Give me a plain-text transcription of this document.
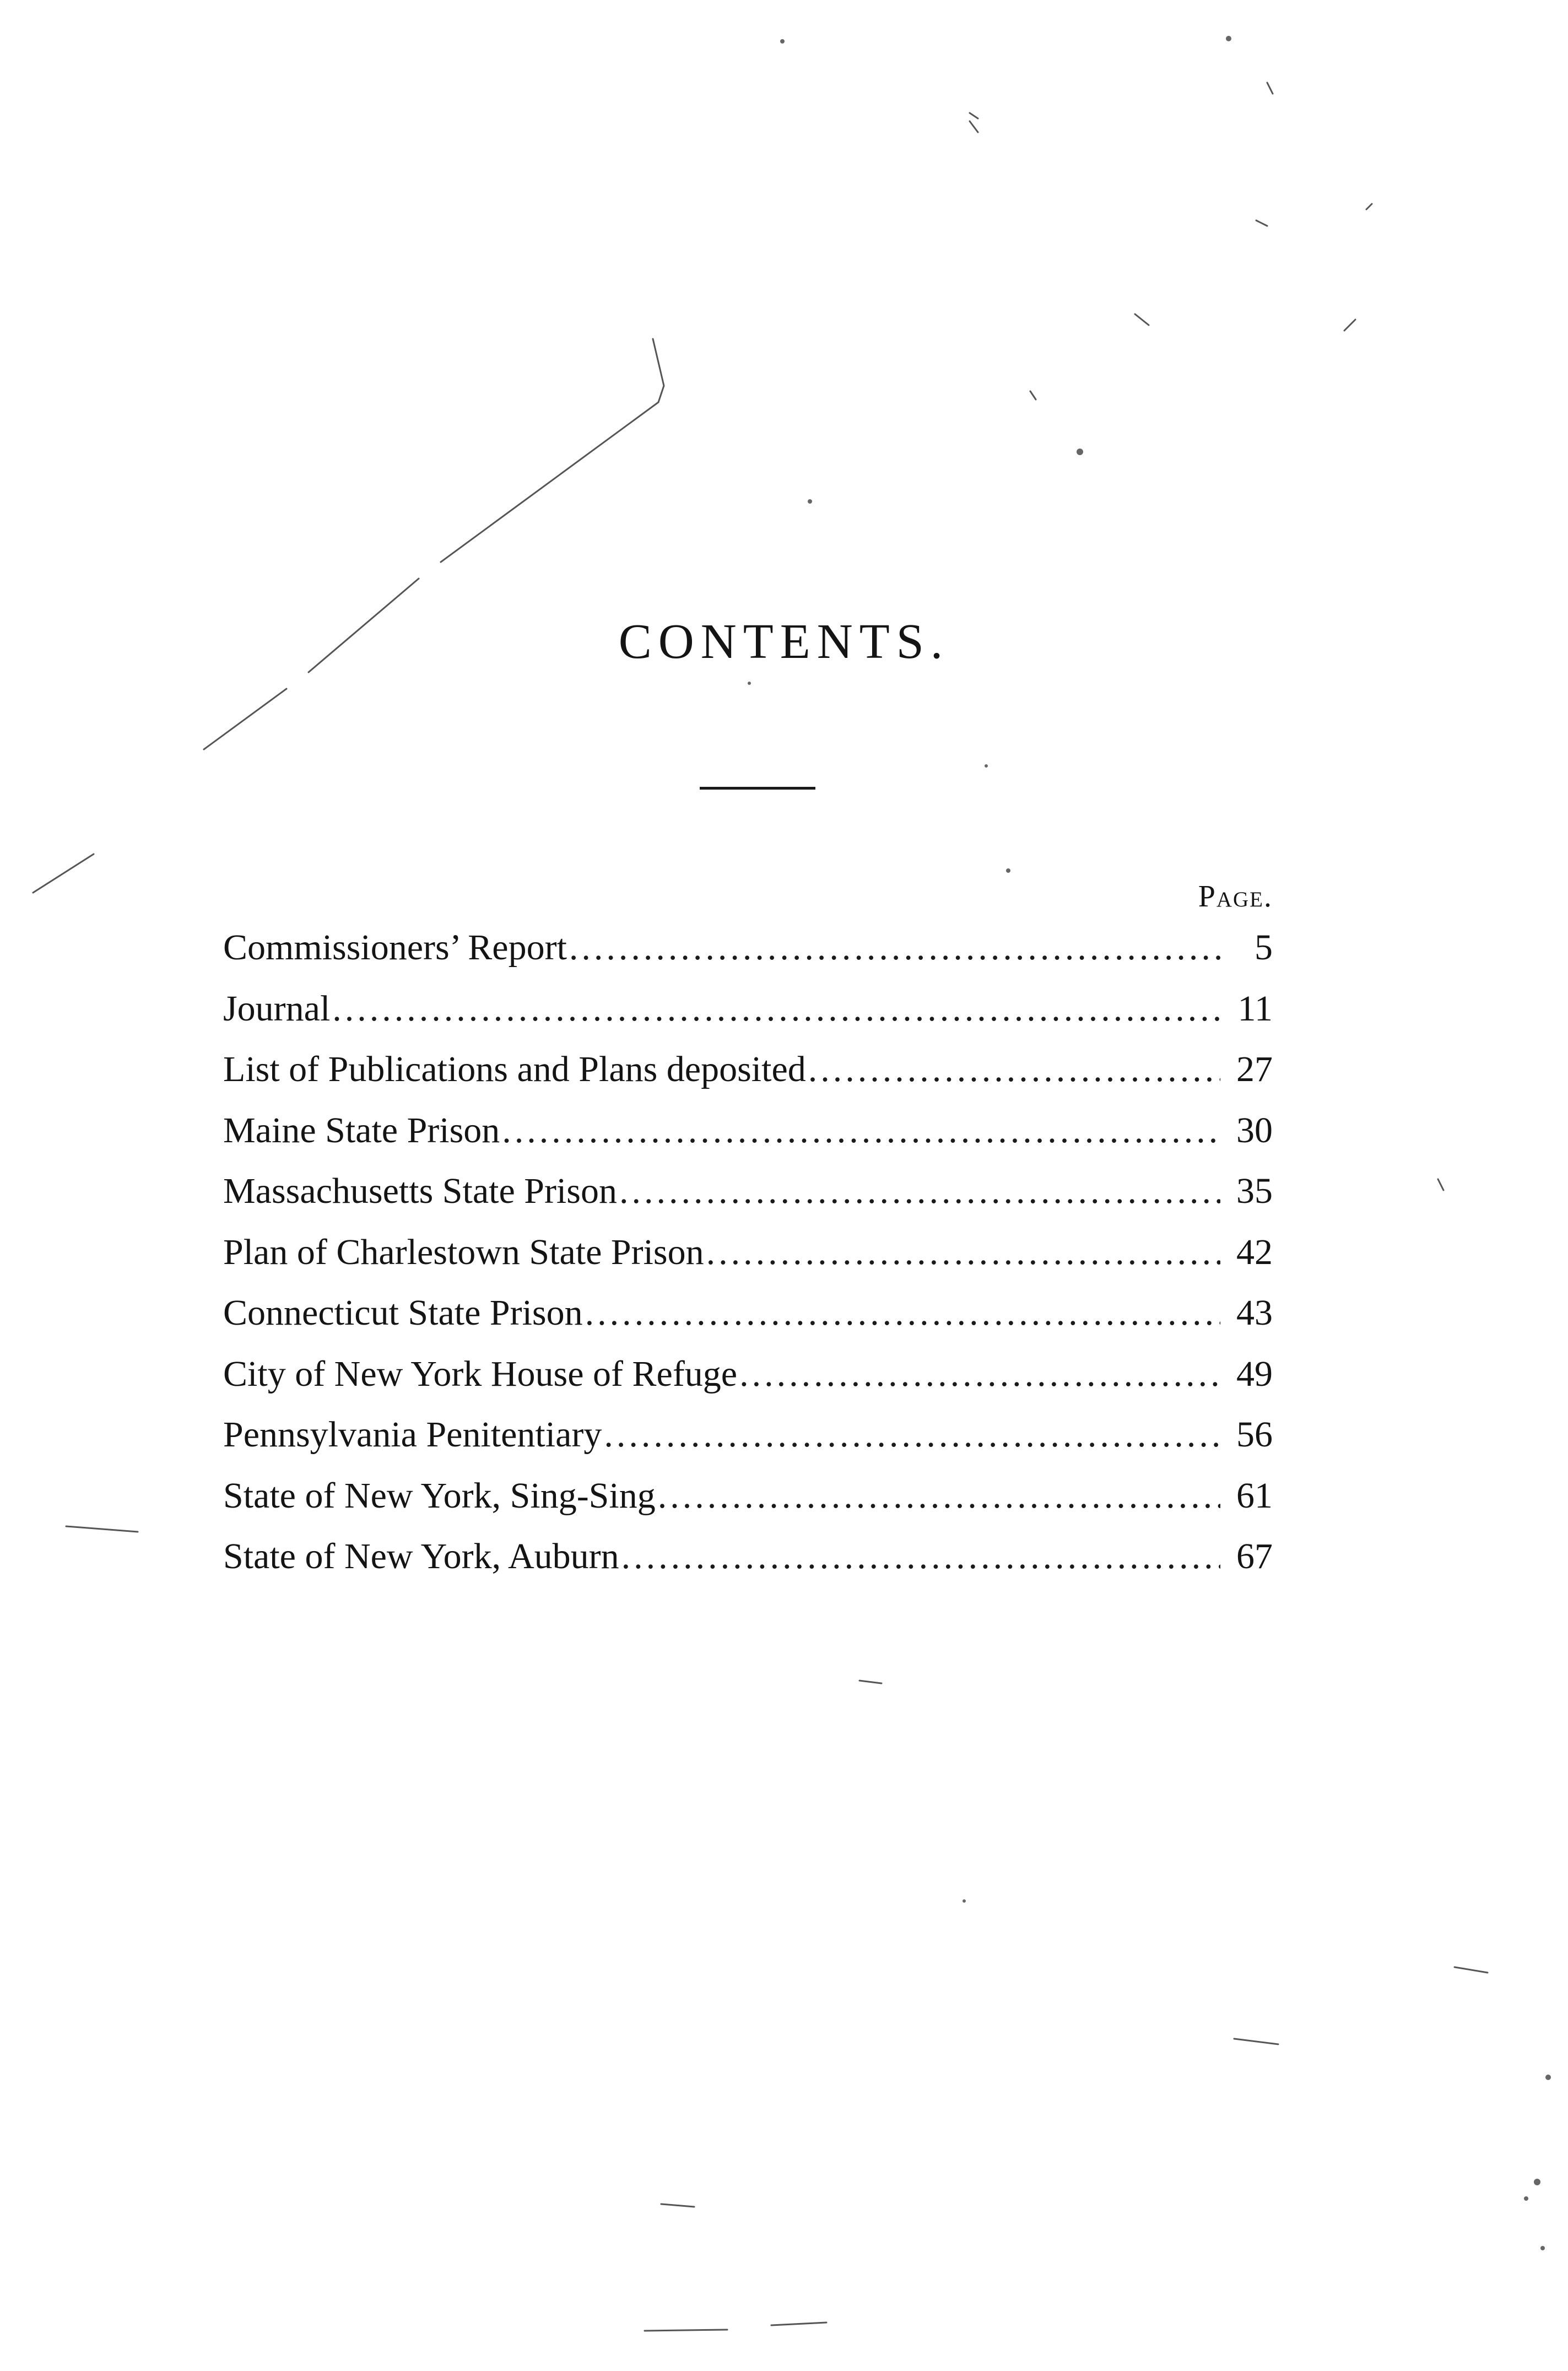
CONTENTS.
Page.
Commissioners’ Report .....	5
Journal .....	11
List of Publications and Plans deposited .....	27
Maine State Prison .....	30
Massachusetts State Prison .....	35
Plan of Charlestown State Prison .....	42
Connecticut State Prison .....	43
City of New York House of Refuge .....	49
Pennsylvania Penitentiary .....	56
State of New York, Sing-Sing .....	61
State of New York, Auburn .....	67
